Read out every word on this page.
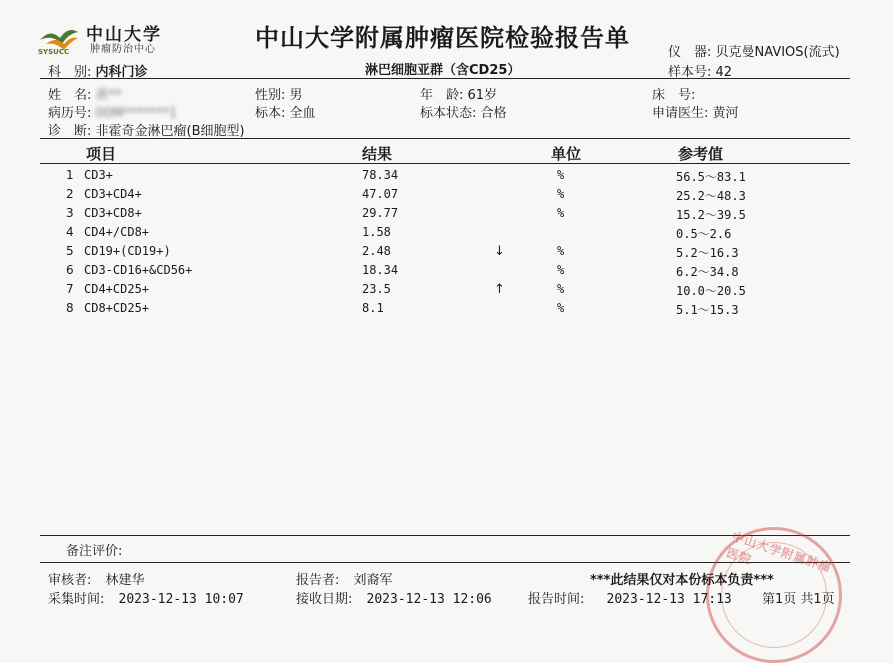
中山大学
肿瘤防治中心
SYSUCC	中山大学附属肿瘤医院检验报告单
仪　器: 贝克曼NAVIOS(流式)
样本号: 42
科　别: 内科门诊	淋巴细胞亚群（含CD25）
姓　名: 黄**	性别: 男	年　龄: 61岁	床　号:
病历号: 00M*******1	标本: 全血	标本状态: 合格	申请医生: 黄河
诊　断: 非霍奇金淋巴瘤(B细胞型)
项目	结果	单位	参考值
1 CD3+	78.34	%	56.5～83.1
2 CD3+CD4+	47.07	%	25.2～48.3
3 CD3+CD8+	29.77	%	15.2～39.5
4 CD4+/CD8+	1.58	0.5～2.6
5 CD19+(CD19+)	2.48	↓	%	5.2～16.3
6 CD3-CD16+&CD56+	18.34	%	6.2～34.8
7 CD4+CD25+	23.5	↑	%	10.0～20.5
8 CD8+CD25+	8.1	%	5.1～15.3
备注评价:	中山大学附属肿瘤医院
审核者: 林建华	报告者: 刘裔军	***此结果仅对本份标本负责***
采集时间: 2023-12-13 10:07	接收日期: 2023-12-13 12:06	报告时间: 2023-12-13 17:13 第1页 共1页
